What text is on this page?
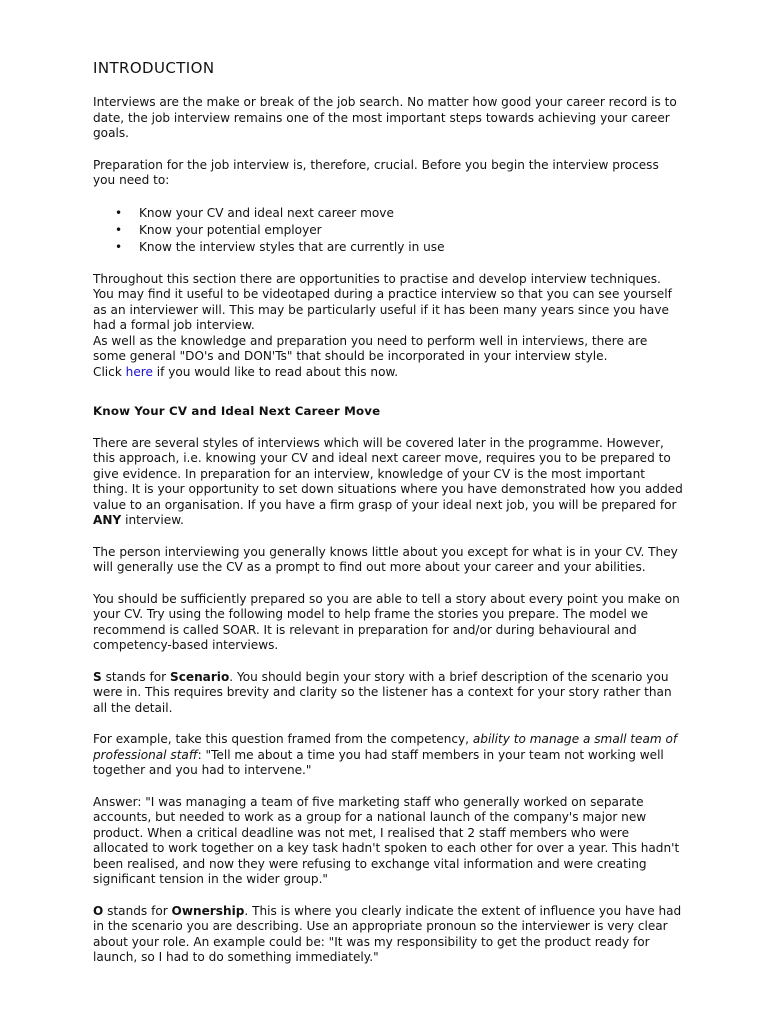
INTRODUCTION

Interviews are the make or break of the job search. No matter how good your career record is to date, the job interview remains one of the most important steps towards achieving your career goals.

Preparation for the job interview is, therefore, crucial. Before you begin the interview process you need to:

• Know your CV and ideal next career move
• Know your potential employer
• Know the interview styles that are currently in use

Throughout this section there are opportunities to practise and develop interview techniques. You may find it useful to be videotaped during a practice interview so that you can see yourself as an interviewer will. This may be particularly useful if it has been many years since you have had a formal job interview.

As well as the knowledge and preparation you need to perform well in interviews, there are some general "DO's and DON'Ts" that should be incorporated in your interview style.

Click here if you would like to read about this now.

Know Your CV and Ideal Next Career Move

There are several styles of interviews which will be covered later in the programme. However, this approach, i.e. knowing your CV and ideal next career move, requires you to be prepared to give evidence. In preparation for an interview, knowledge of your CV is the most important thing. It is your opportunity to set down situations where you have demonstrated how you added value to an organisation. If you have a firm grasp of your ideal next job, you will be prepared for ANY interview.

The person interviewing you generally knows little about you except for what is in your CV. They will generally use the CV as a prompt to find out more about your career and your abilities.

You should be sufficiently prepared so you are able to tell a story about every point you make on your CV. Try using the following model to help frame the stories you prepare. The model we recommend is called SOAR. It is relevant in preparation for and/or during behavioural and competency-based interviews.

S stands for Scenario. You should begin your story with a brief description of the scenario you were in. This requires brevity and clarity so the listener has a context for your story rather than all the detail.

For example, take this question framed from the competency, ability to manage a small team of professional staff: "Tell me about a time you had staff members in your team not working well together and you had to intervene."

Answer: "I was managing a team of five marketing staff who generally worked on separate accounts, but needed to work as a group for a national launch of the company's major new product. When a critical deadline was not met, I realised that 2 staff members who were allocated to work together on a key task hadn't spoken to each other for over a year. This hadn't been realised, and now they were refusing to exchange vital information and were creating significant tension in the wider group."

O stands for Ownership. This is where you clearly indicate the extent of influence you have had in the scenario you are describing. Use an appropriate pronoun so the interviewer is very clear about your role. An example could be: "It was my responsibility to get the product ready for launch, so I had to do something immediately."
